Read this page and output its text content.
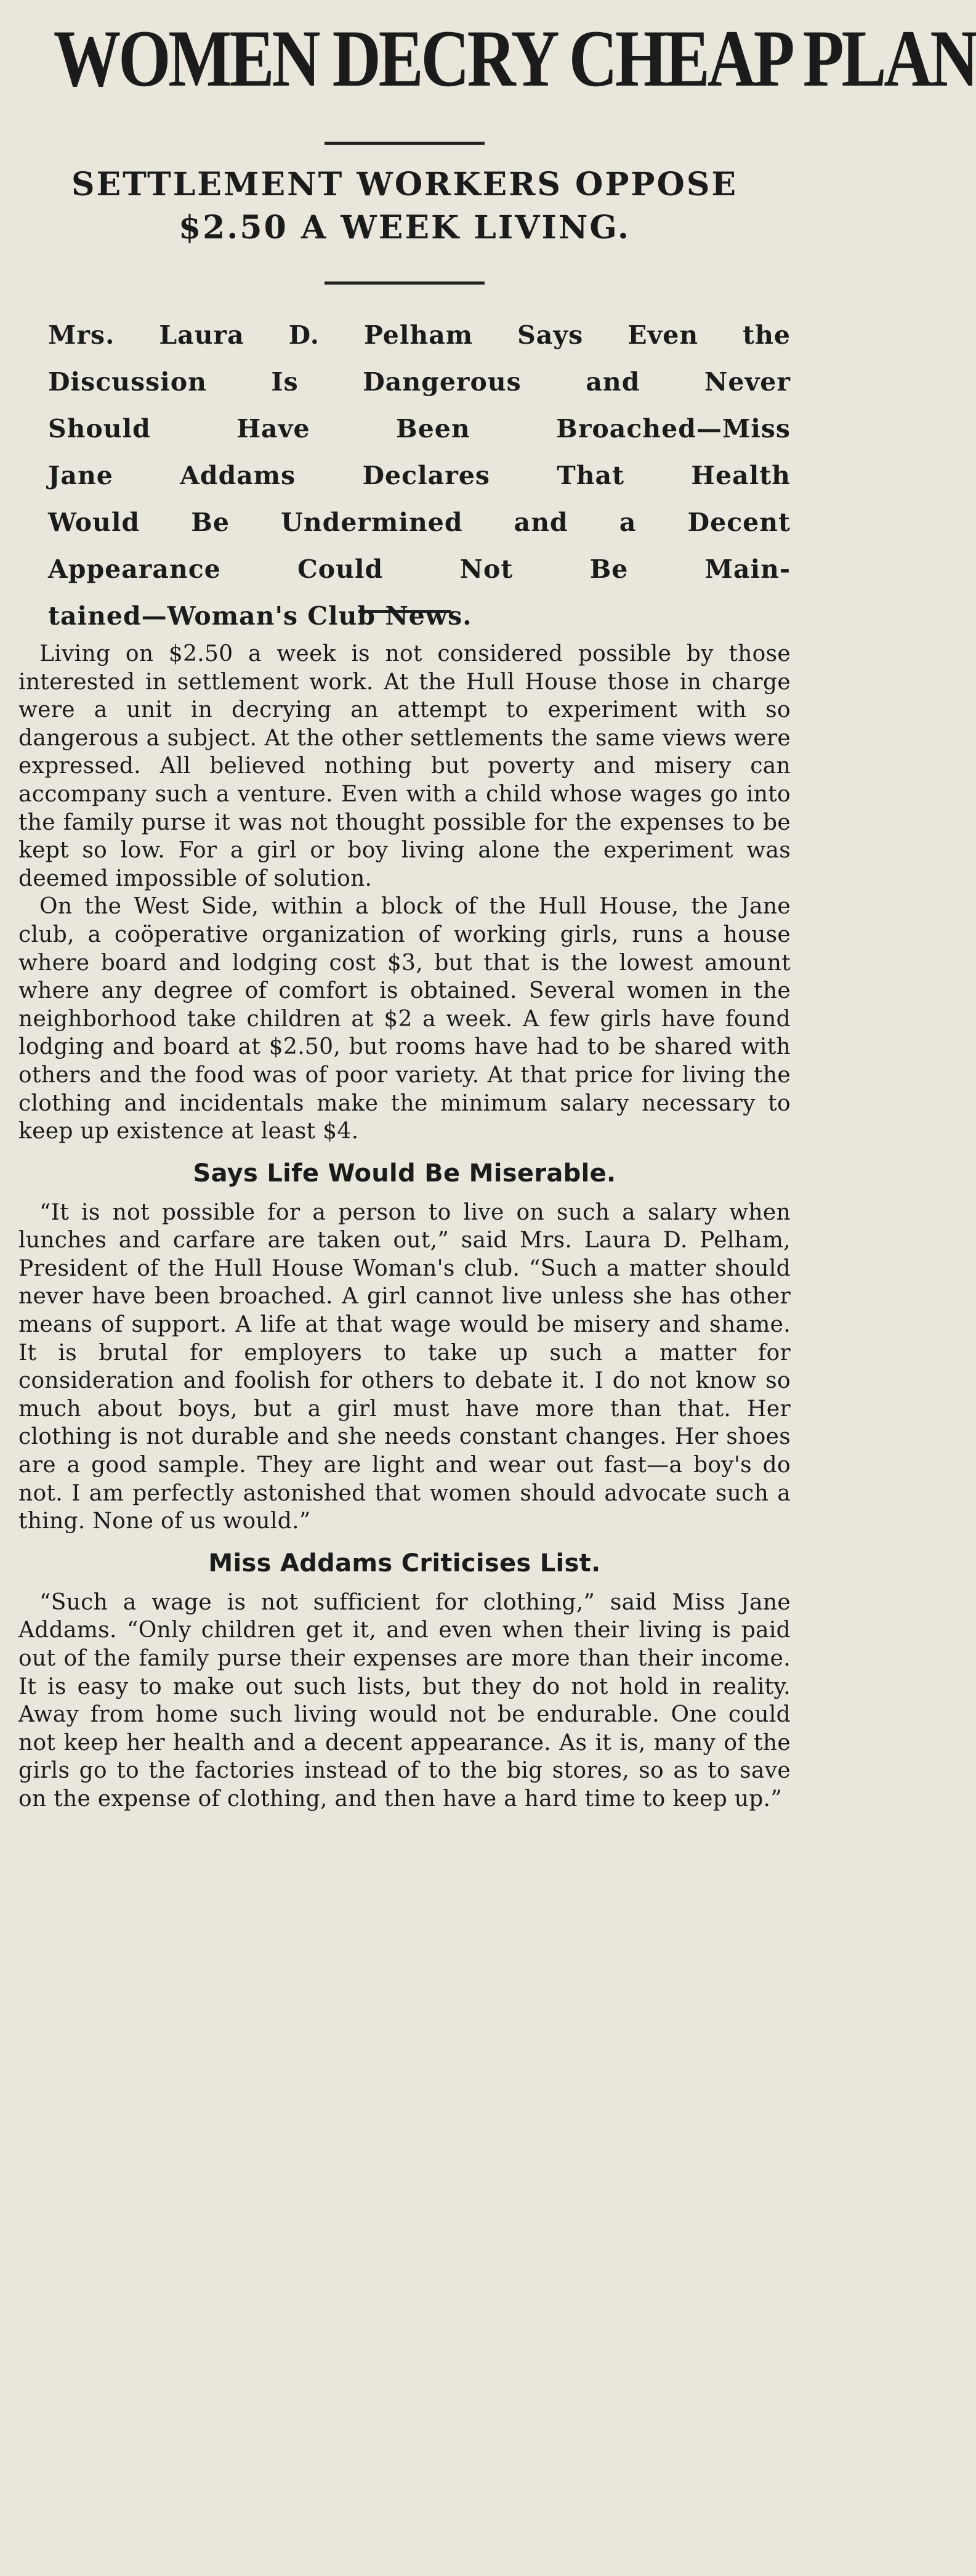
WOMEN DECRY CHEAP PLAN
SETTLEMENT WORKERS OPPOSE
$2.50 A WEEK LIVING.
Mrs. Laura D. Pelham Says Even the
Discussion Is Dangerous and Never
Should Have Been Broached—Miss
Jane Addams Declares That Health
Would Be Undermined and a Decent
Appearance Could Not Be Main-
tained—Woman's Club News.

Living on $2.50 a week is not considered possible by those interested in settlement work. At the Hull House those in charge were a unit in decrying an attempt to experiment with so dangerous a subject. At the other settlements the same views were expressed. All believed nothing but poverty and misery can accompany such a venture. Even with a child whose wages go into the family purse it was not thought possible for the expenses to be kept so low. For a girl or boy living alone the experiment was deemed impossible of solution.

On the West Side, within a block of the Hull House, the Jane club, a coöperative organization of working girls, runs a house where board and lodging cost $3, but that is the lowest amount where any degree of comfort is obtained. Several women in the neighborhood take children at $2 a week. A few girls have found lodging and board at $2.50, but rooms have had to be shared with others and the food was of poor variety. At that price for living the clothing and incidentals make the minimum salary necessary to keep up existence at least $4.

Says Life Would Be Miserable.

“It is not possible for a person to live on such a salary when lunches and carfare are taken out,” said Mrs. Laura D. Pelham, President of the Hull House Woman's club. “Such a matter should never have been broached. A girl cannot live unless she has other means of support. A life at that wage would be misery and shame. It is brutal for employers to take up such a matter for consideration and foolish for others to debate it. I do not know so much about boys, but a girl must have more than that. Her clothing is not durable and she needs constant changes. Her shoes are a good sample. They are light and wear out fast—a boy's do not. I am perfectly astonished that women should advocate such a thing. None of us would.”

Miss Addams Criticises List.

“Such a wage is not sufficient for clothing,” said Miss Jane Addams. “Only children get it, and even when their living is paid out of the family purse their expenses are more than their income. It is easy to make out such lists, but they do not hold in reality. Away from home such living would not be endurable. One could not keep her health and a decent appearance. As it is, many of the girls go to the factories instead of to the big stores, so as to save on the expense of clothing, and then have a hard time to keep up.”
